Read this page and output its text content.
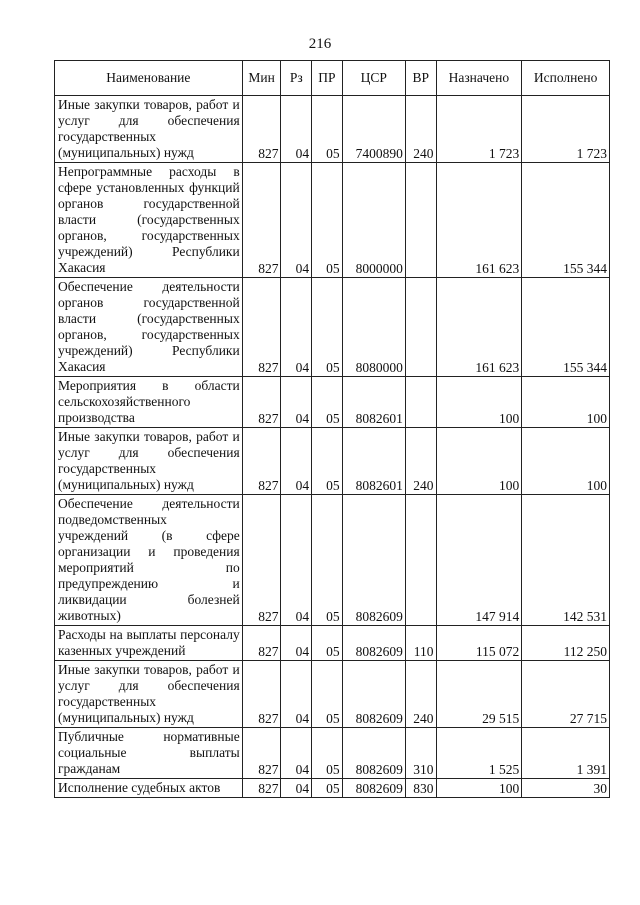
216
Наименование	Мин	Рз	ПР	ЦСР	ВР	Назначено	Исполнено
Иные закупки товаров, работ и услуг для обеспечения государственных (муниципальных) нужд	827	04	05	7400890	240	1 723	1 723
Непрограммные расходы в сфере установленных функций органов государственной власти (государственных органов, государственных учреждений) Республики Хакасия	827	04	05	8000000		161 623	155 344
Обеспечение деятельности органов государственной власти (государственных органов, государственных учреждений) Республики Хакасия	827	04	05	8080000		161 623	155 344
Мероприятия в области сельскохозяйственного производства	827	04	05	8082601		100	100
Иные закупки товаров, работ и услуг для обеспечения государственных (муниципальных) нужд	827	04	05	8082601	240	100	100
Обеспечение деятельности подведомственных учреждений (в сфере организации и проведения мероприятий по предупреждению и ликвидации болезней животных)	827	04	05	8082609		147 914	142 531
Расходы на выплаты персоналу казенных учреждений	827	04	05	8082609	110	115 072	112 250
Иные закупки товаров, работ и услуг для обеспечения государственных (муниципальных) нужд	827	04	05	8082609	240	29 515	27 715
Публичные нормативные социальные выплаты гражданам	827	04	05	8082609	310	1 525	1 391
Исполнение судебных актов	827	04	05	8082609	830	100	30
